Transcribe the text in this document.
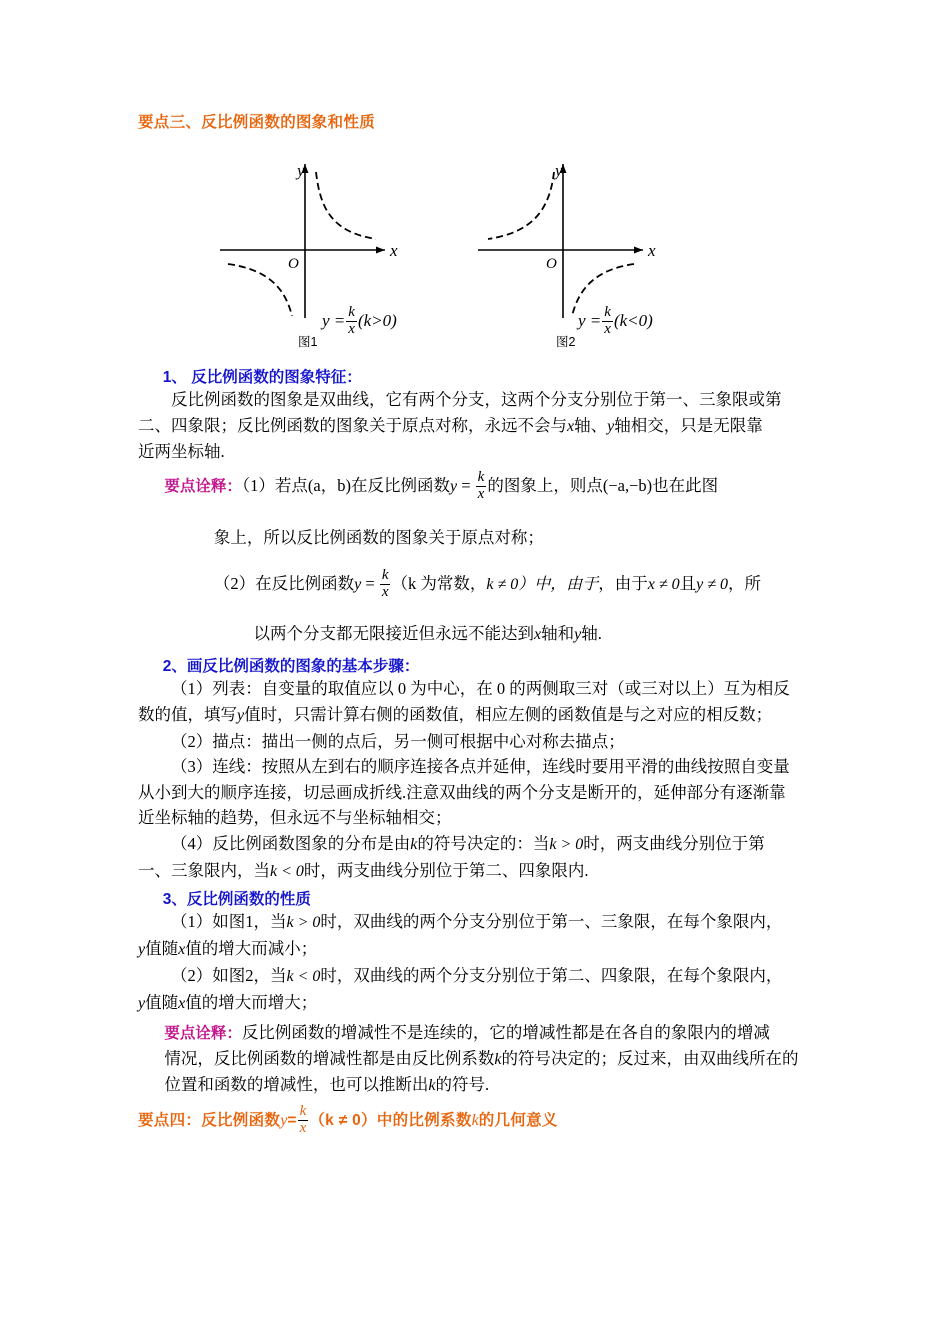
要点三、反比例函数的图象和性质
y
x
O
图1
$y = \frac{k}{x} (k>0)$
y
x
O
图2
$y = \frac{k}{x} (k<0)$
1、 反比例函数的图象特征：

反比例函数的图象是双曲线，它有两个分支，这两个分支分别位于第一、三象限或第

二、四象限；反比例函数的图象关于原点对称，永远不会与x轴、y轴相交，只是无限靠

近两坐标轴.

要点诠释：（1）若点(a，b)在反比例函数$y = \frac{k}{x}$ 的图象上，则点(−a,−b)也在此图

象上，所以反比例函数的图象关于原点对称；

（2）在反比例函数$y = \frac{k}{x} (k$ 为常数，k ≠ 0）中，由于，由于x ≠ 0且y ≠ 0，所

以两个分支都无限接近但永远不能达到x轴和y轴.

2、画反比例函数的图象的基本步骤：

（1）列表：自变量的取值应以 0 为中心，在 0 的两侧取三对（或三对以上）互为相反

数的值，填写y值时，只需计算右侧的函数值，相应左侧的函数值是与之对应的相反数；

（2）描点：描出一侧的点后，另一侧可根据中心对称去描点；

（3）连线：按照从左到右的顺序连接各点并延伸，连线时要用平滑的曲线按照自变量

从小到大的顺序连接，切忌画成折线.注意双曲线的两个分支是断开的，延伸部分有逐渐靠

近坐标轴的趋势，但永远不与坐标轴相交；

（4）反比例函数图象的分布是由k的符号决定的：当k > 0时，两支曲线分别位于第

一、三象限内，当k < 0时，两支曲线分别位于第二、四象限内.

3、反比例函数的性质

（1）如图1，当k > 0时，双曲线的两个分支分别位于第一、三象限，在每个象限内，

y值随x值的增大而减小；

（2）如图2，当k < 0时，双曲线的两个分支分别位于第二、四象限，在每个象限内，

y值随x值的增大而增大；

要点诠释：反比例函数的增减性不是连续的，它的增减性都是在各自的象限内的增减

情况，反比例函数的增减性都是由反比例系数k的符号决定的；反过来，由双曲线所在的

位置和函数的增减性，也可以推断出k的符号.

要点四：反比例函数$y= \frac{k}{x} (k \ne 0)$中的比例系数k的几何意义
